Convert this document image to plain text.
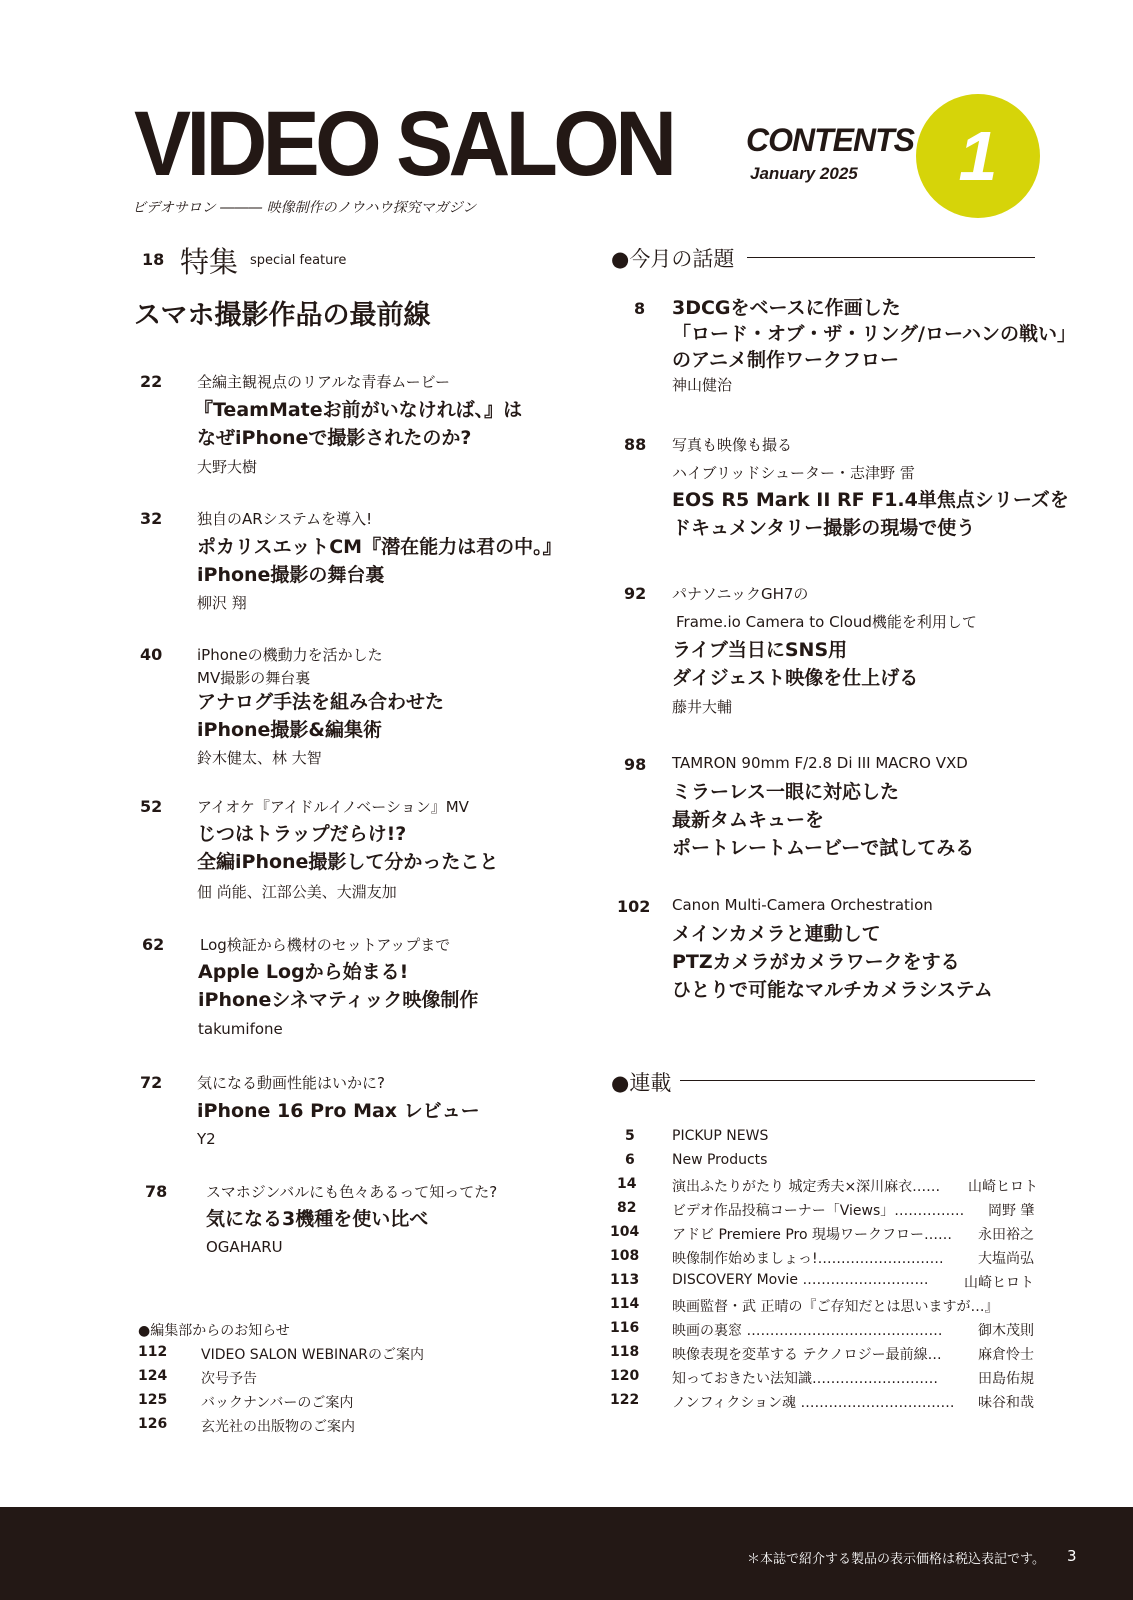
VIDEO SALON
ビデオサロン ――― 映像制作のノウハウ探究マガジン
CONTENTS
January 2025 1
18 特集 special feature
スマホ撮影作品の最前線
22 全編主観視点のリアルな青春ムービー
『TeamMateお前がいなければ、』は
なぜiPhoneで撮影されたのか?
大野大樹
32 独自のARシステムを導入!
ポカリスエットCM『潜在能力は君の中。』
iPhone撮影の舞台裏
柳沢 翔
40 iPhoneの機動力を活かした
MV撮影の舞台裏
アナログ手法を組み合わせた
iPhone撮影&編集術
鈴木健太、林 大智
52 アイオケ『アイドルイノベーション』MV
じつはトラップだらけ!?
全編iPhone撮影して分かったこと
佃 尚能、江部公美、大淵友加
62 Log検証から機材のセットアップまで
Apple Logから始まる!
iPhoneシネマティック映像制作
takumifone
72 気になる動画性能はいかに?
iPhone 16 Pro Max レビュー
Y2
78	スマホジンバルにも色々あるって知ってた?
気になる3機種を使い比べ
OGAHARU
●編集部からのお知らせ
112 VIDEO SALON WEBINARのご案内
124 次号予告
125 バックナンバーのご案内
126 玄光社の出版物のご案内
●今月の話題
8 3DCGをベースに作画した
「ロード・オブ・ザ・リング/ローハンの戦い」
のアニメ制作ワークフロー
神山健治
88 写真も映像も撮る
ハイブリッドシューター・志津野 雷
EOS R5 Mark II RF F1.4単焦点シリーズを
ドキュメンタリー撮影の現場で使う
92 パナソニックGH7の
Frame.io Camera to Cloud機能を利用して
ライブ当日にSNS用
ダイジェスト映像を仕上げる
藤井大輔
98 TAMRON 90mm F/2.8 Di III MACRO VXD
ミラーレス一眼に対応した
最新タムキューを
ポートレートムービーで試してみる
102 Canon Multi-Camera Orchestration
メインカメラと連動して
PTZカメラがカメラワークをする
ひとりで可能なマルチカメラシステム
●連載
5	PICKUP NEWS
6	New Products
14	演出ふたりがたり 城定秀夫×深川麻衣…… 山崎ヒロト
82	ビデオ作品投稿コーナー「Views」…………… 岡野 肇
104 アドビ Premiere Pro 現場ワークフロー…… 永田裕之
108 映像制作始めましょっ!……………………… 大塩尚弘
113 DISCOVERY Movie ………………………	山崎ヒロト
114 映画監督・武 正晴の『ご存知だとは思いますが…』
116 映画の裏窓 ……………………………………	御木茂則
118 映像表現を変革する テクノロジー最前線…	麻倉怜士
120 知っておきたい法知識………………………	田島佑規
122 ノンフィクション魂 …………………………… 味谷和哉
＊本誌で紹介する製品の表示価格は税込表記です。 3
